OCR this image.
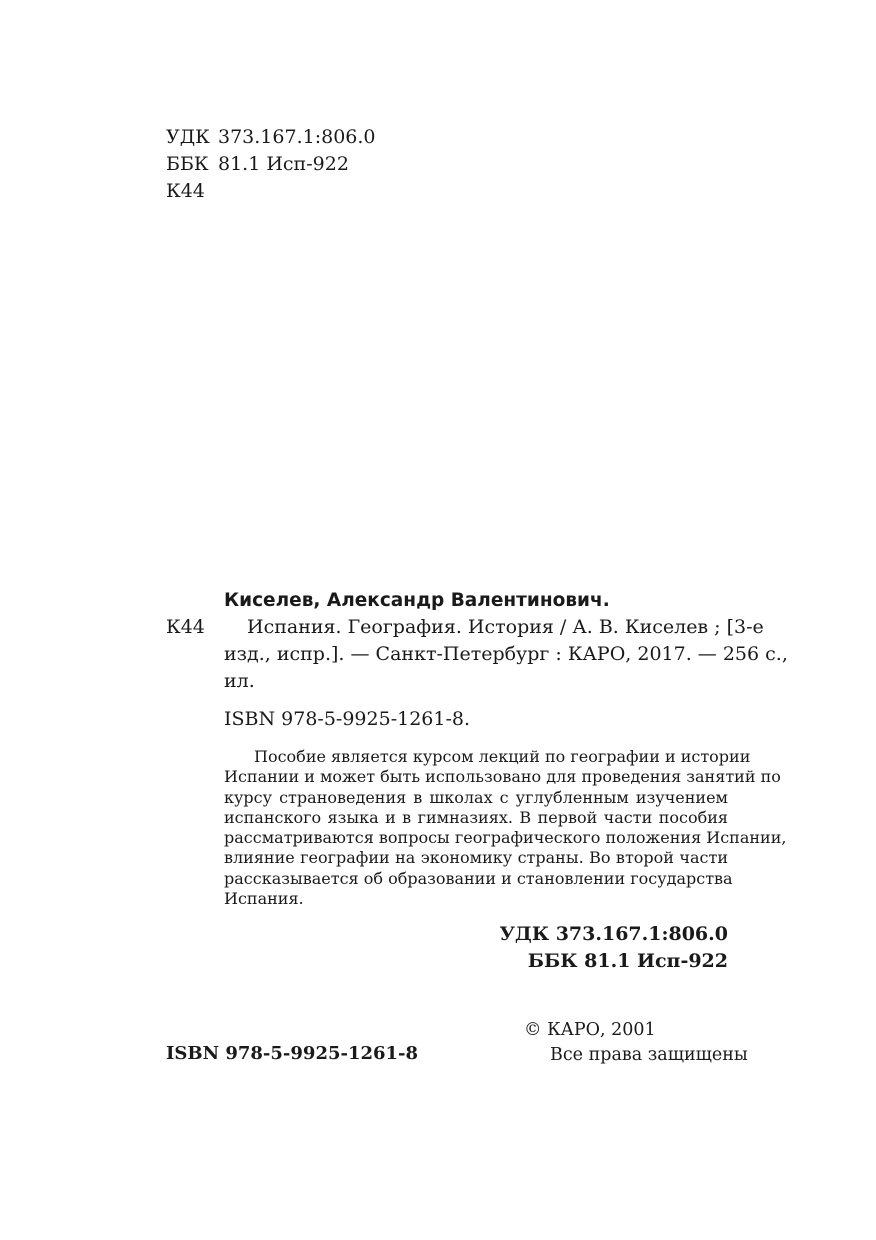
УДК 373.167.1:806.0
ББК 81.1 Исп-922
К44
Киселев, Александр Валентинович.
К44	Испания. География. История / А. В. Киселев ; [3-е
изд., испр.]. — Санкт-Петербург : КАРО, 2017. — 256 с.,
ил.
ISBN 978-5-9925-1261-8.
Пособие является курсом лекций по географии и истории
Испании и может быть использовано для проведения занятий по
курсу страноведения в школах с углубленным изучением
испанского языка и в гимназиях. В первой части пособия
рассматриваются вопросы географического положения Испании,
влияние географии на экономику страны. Во второй части
рассказывается об образовании и становлении государства
Испания.
УДК 373.167.1:806.0
ББК 81.1 Исп-922
© КАРО, 2001
Все права защищены
ISBN 978-5-9925-1261-8
